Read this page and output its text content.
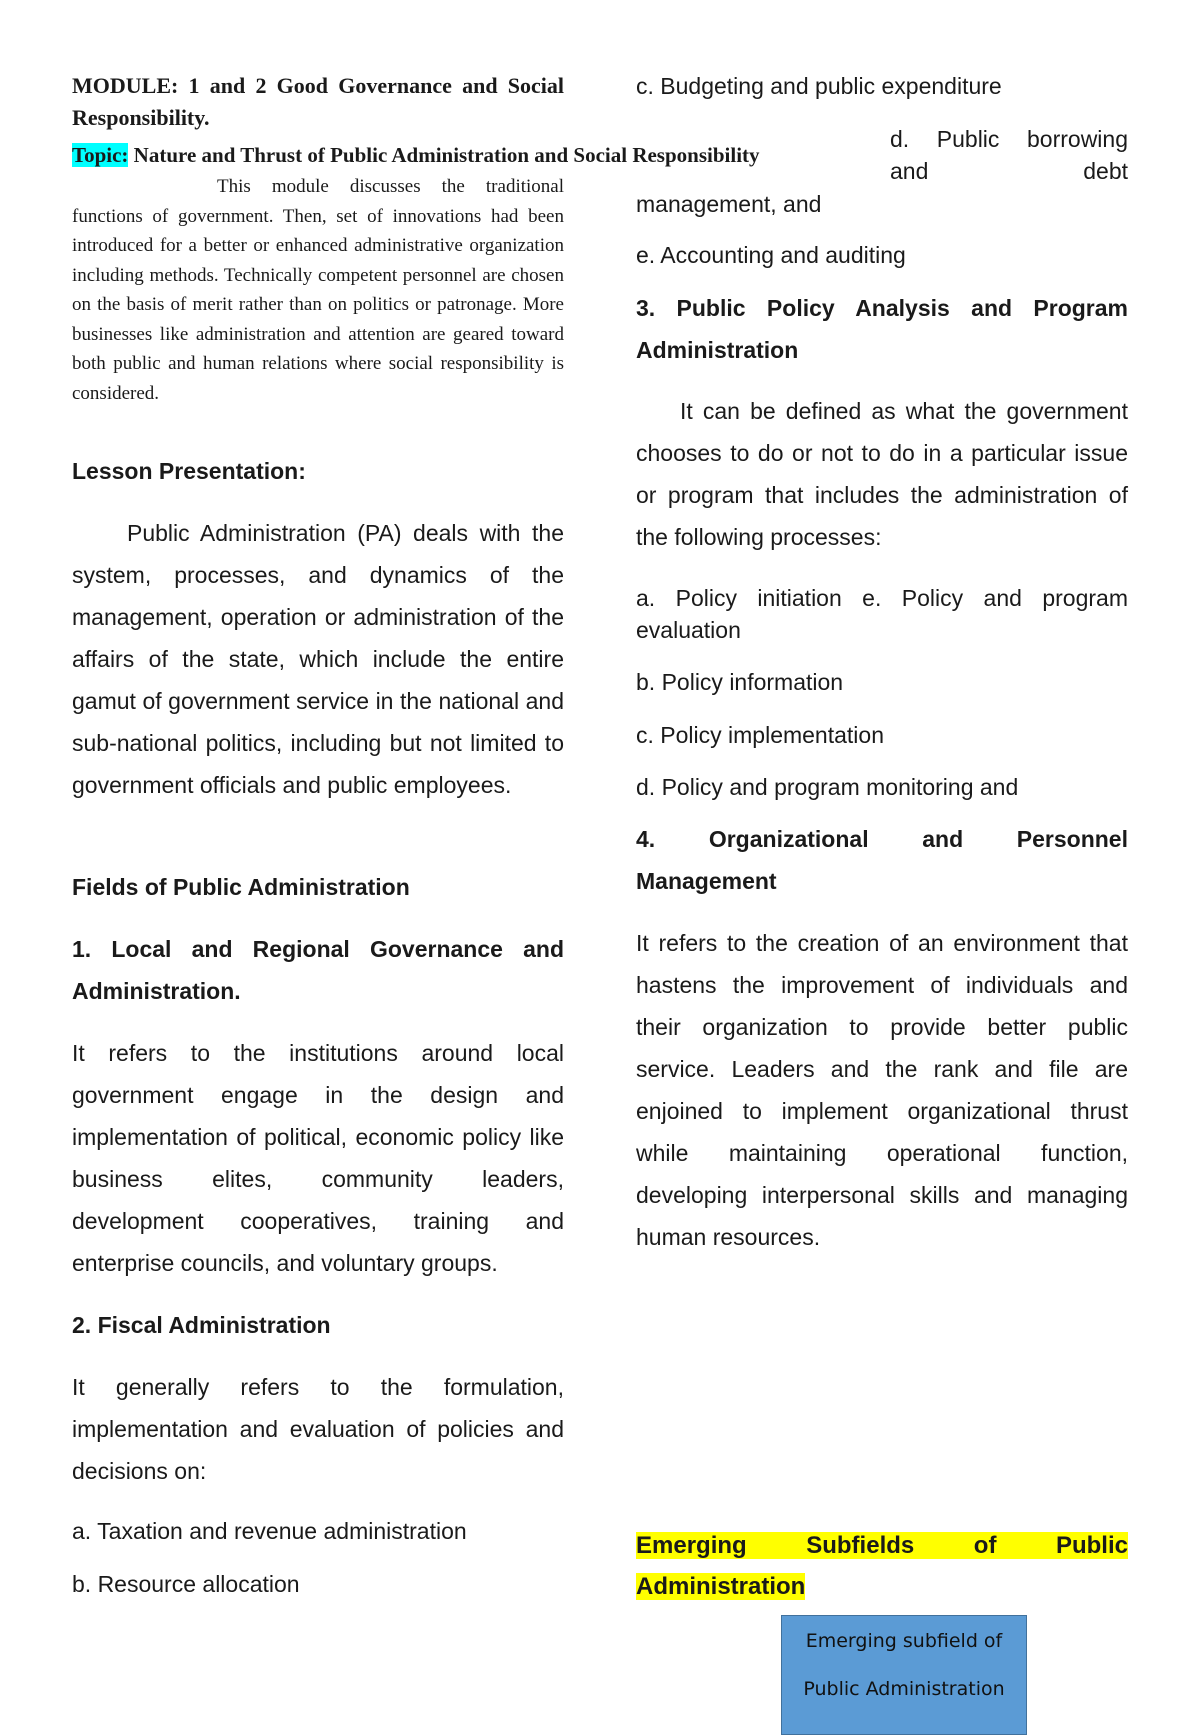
MODULE: 1 and 2 Good Governance and Social Responsibility.
Topic: Nature and Thrust of Public Administration and Social Responsibility
This module discusses the traditional functions of government. Then, set of innovations had been introduced for a better or enhanced administrative organization including methods. Technically competent personnel are chosen on the basis of merit rather than on politics or patronage. More businesses like administration and attention are geared toward both public and human relations where social responsibility is considered.
Lesson Presentation:
Public Administration (PA) deals with the system, processes, and dynamics of the management, operation or administration of the affairs of the state, which include the entire gamut of government service in the national and sub-national politics, including but not limited to government officials and public employees.
Fields of Public Administration
1. Local and Regional Governance and Administration.
It refers to the institutions around local government engage in the design and implementation of political, economic policy like business elites, community leaders, development cooperatives, training and enterprise councils, and voluntary groups.
2. Fiscal Administration
It generally refers to the formulation, implementation and evaluation of policies and decisions on:
a. Taxation and revenue administration
b. Resource allocation
c. Budgeting and public expenditure
d. Public borrowing and debt
management, and
e. Accounting and auditing
3. Public Policy Analysis and Program Administration
It can be defined as what the government chooses to do or not to do in a particular issue or program that includes the administration of the following processes:
a. Policy initiation e. Policy and program evaluation
b. Policy information
c. Policy implementation
d. Policy and program monitoring and
4. Organizational and Personnel Management
It refers to the creation of an environment that hastens the improvement of individuals and their organization to provide better public service. Leaders and the rank and file are enjoined to implement organizational thrust while maintaining operational function, developing interpersonal skills and managing human resources.
Emerging Subfields of Public Administration
Emerging subfield of
Public Administration
